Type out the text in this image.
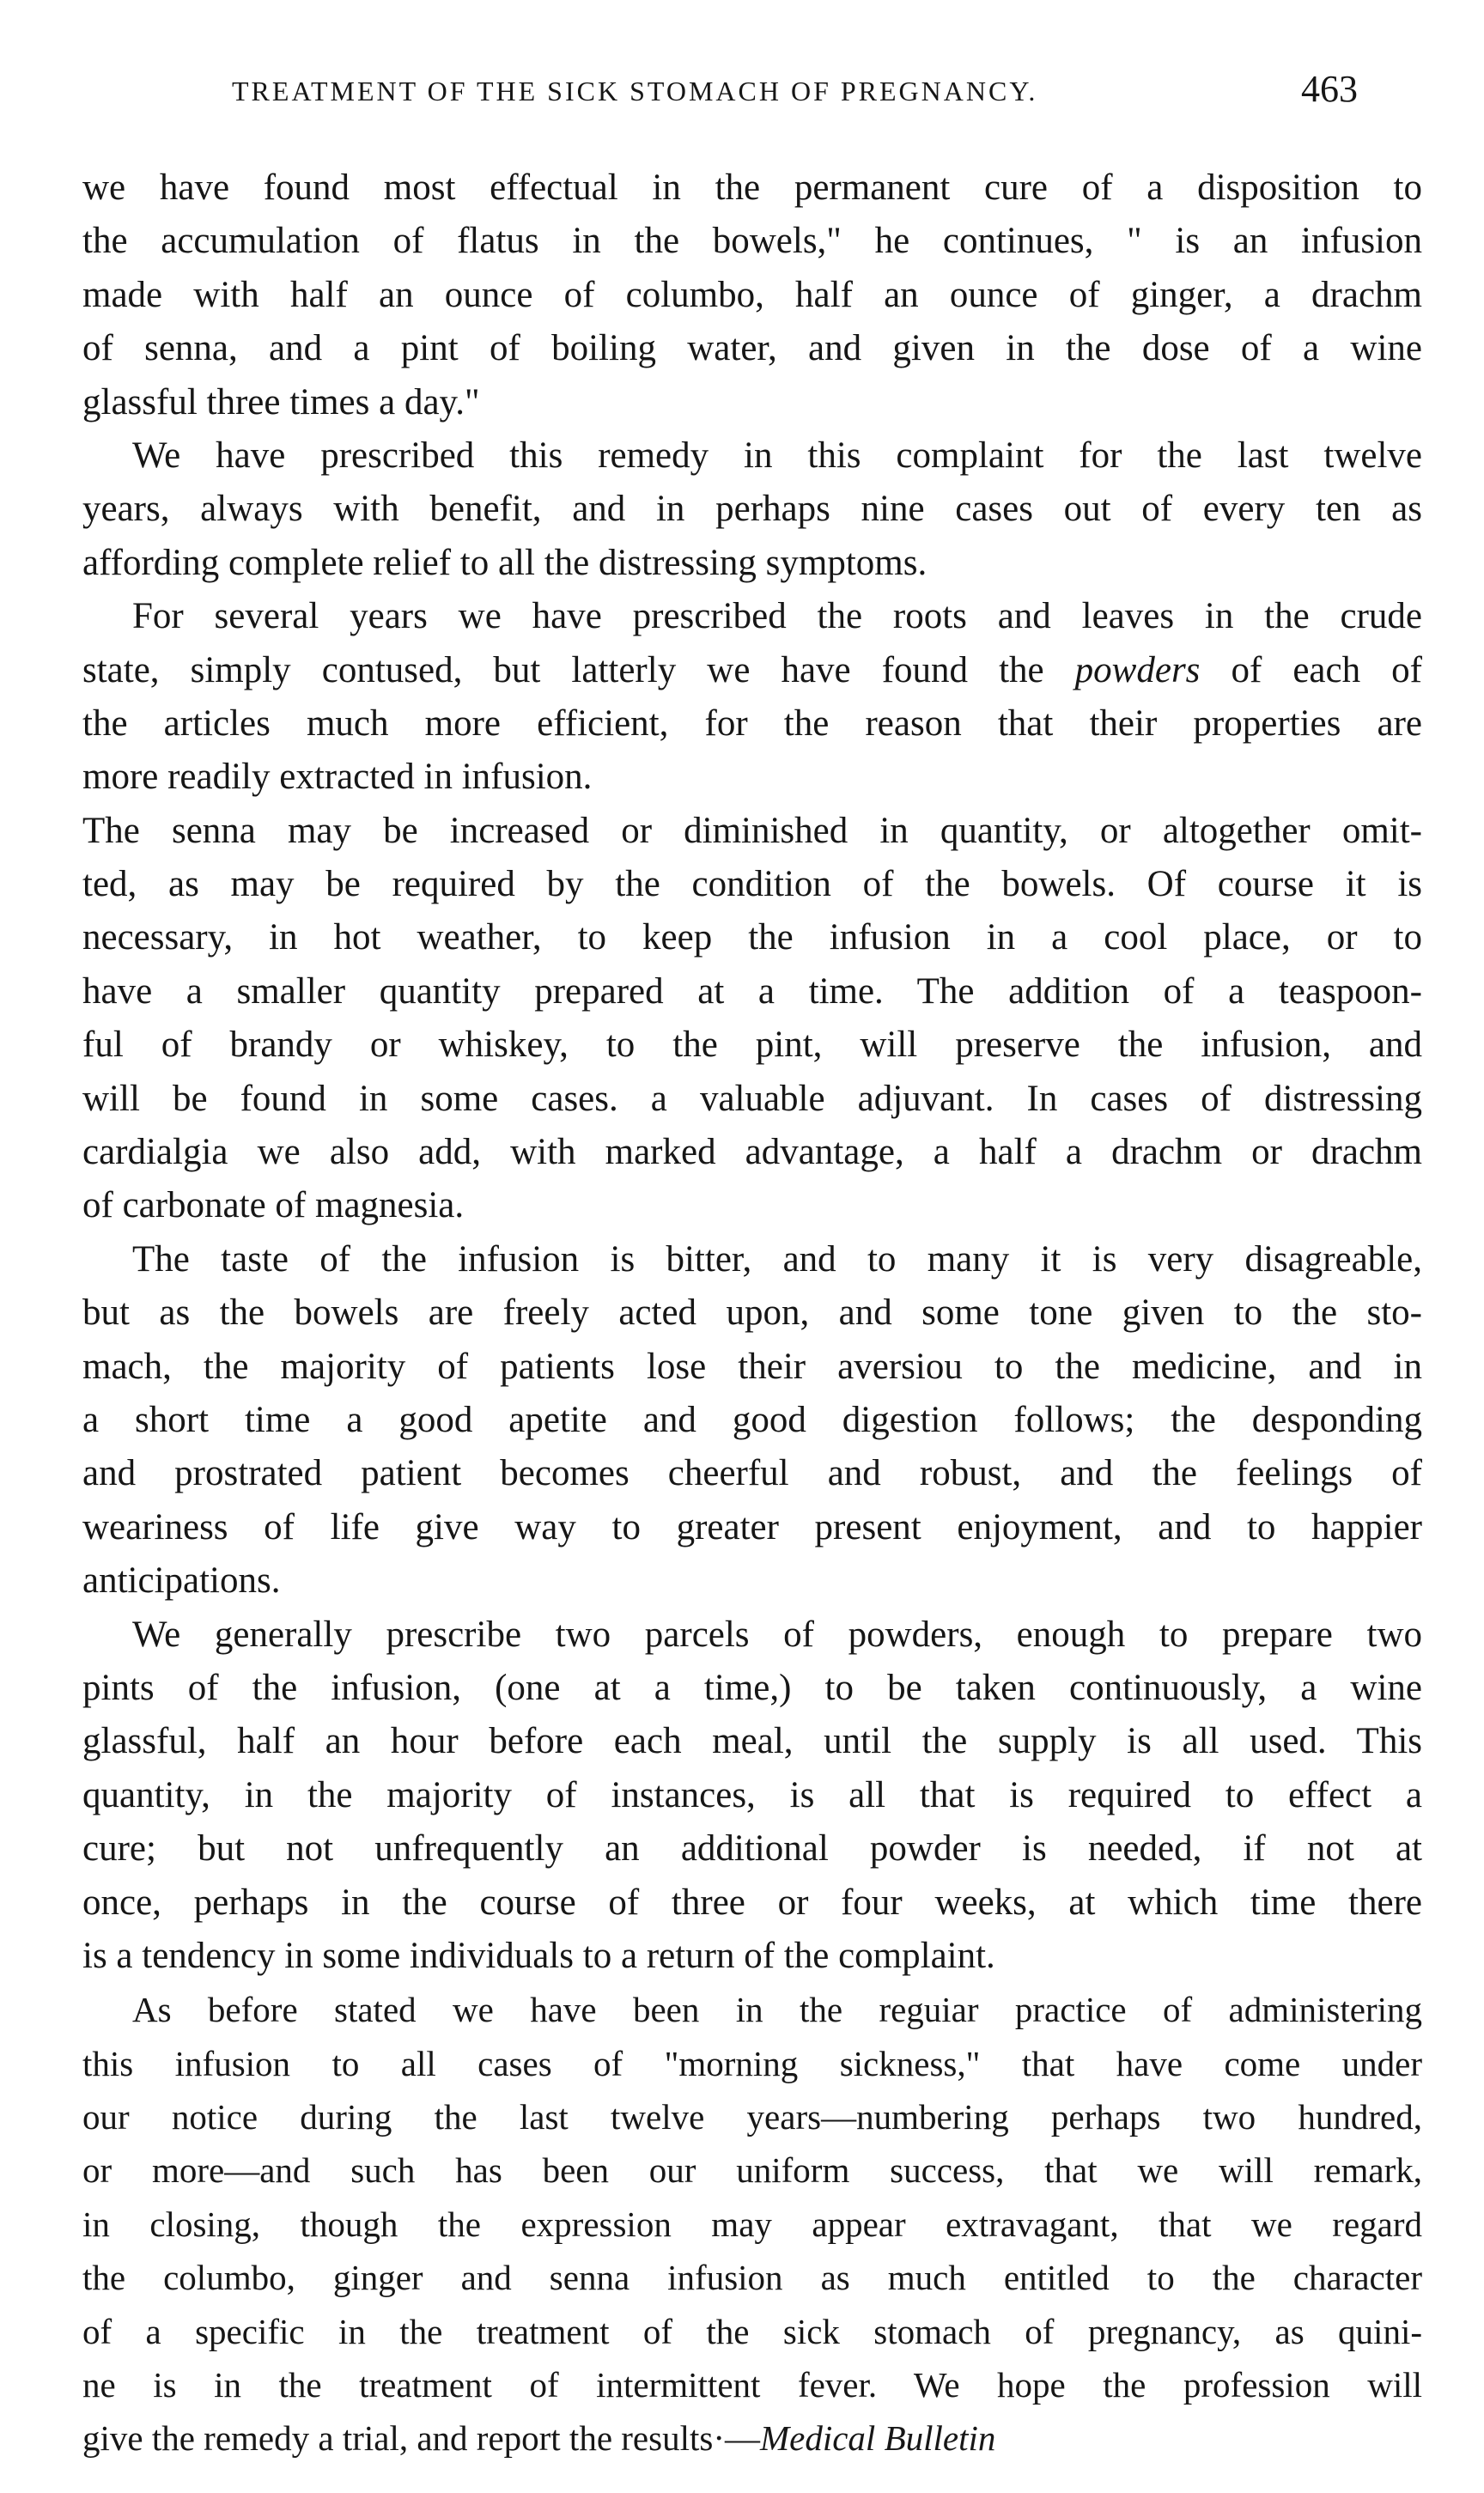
TREATMENT OF THE SICK STOMACH OF PREGNANCY.	463
we have found most effectual in the permanent cure of a disposition to
the accumulation of flatus in the bowels," he continues, " is an infusion
made with half an ounce of columbo, half an ounce of ginger, a drachm
of senna, and a pint of boiling water, and given in the dose of a wine
glassful three times a day."
We have prescribed this remedy in this complaint for the last twelve
years, always with benefit, and in perhaps nine cases out of every ten as
affording complete relief to all the distressing symptoms.
For several years we have prescribed the roots and leaves in the crude
state, simply contused, but latterly we have found the powders of each of
the articles much more efficient, for the reason that their properties are
more readily extracted in infusion.
The senna may be increased or diminished in quantity, or altogether omit-
ted, as may be required by the condition of the bowels. Of course it is
necessary, in hot weather, to keep the infusion in a cool place, or to
have a smaller quantity prepared at a time. The addition of a teaspoon-
ful of brandy or whiskey, to the pint, will preserve the infusion, and
will be found in some cases. a valuable adjuvant. In cases of distressing
cardialgia we also add, with marked advantage, a half a drachm or drachm
of carbonate of magnesia.
The taste of the infusion is bitter, and to many it is very disagreable,
but as the bowels are freely acted upon, and some tone given to the sto-
mach, the majority of patients lose their aversiou to the medicine, and in
a short time a good apetite and good digestion follows; the desponding
and prostrated patient becomes cheerful and robust, and the feelings of
weariness of life give way to greater present enjoyment, and to happier
anticipations.
We generally prescribe two parcels of powders, enough to prepare two
pints of the infusion, (one at a time,) to be taken continuously, a wine
glassful, half an hour before each meal, until the supply is all used. This
quantity, in the majority of instances, is all that is required to effect a
cure; but not unfrequently an additional powder is needed, if not at
once, perhaps in the course of three or four weeks, at which time there
is a tendency in some individuals to a return of the complaint.
As before stated we have been in the reguiar practice of administering
this infusion to all cases of "morning sickness," that have come under
our notice during the last twelve years—numbering perhaps two hundred,
or more—and such has been our uniform success, that we will remark,
in closing, though the expression may appear extravagant, that we regard
the columbo, ginger and senna infusion as much entitled to the character
of a specific in the treatment of the sick stomach of pregnancy, as quini-
ne is in the treatment of intermittent fever. We hope the profession will
give the remedy a trial, and report the results·—Medical Bulletin
